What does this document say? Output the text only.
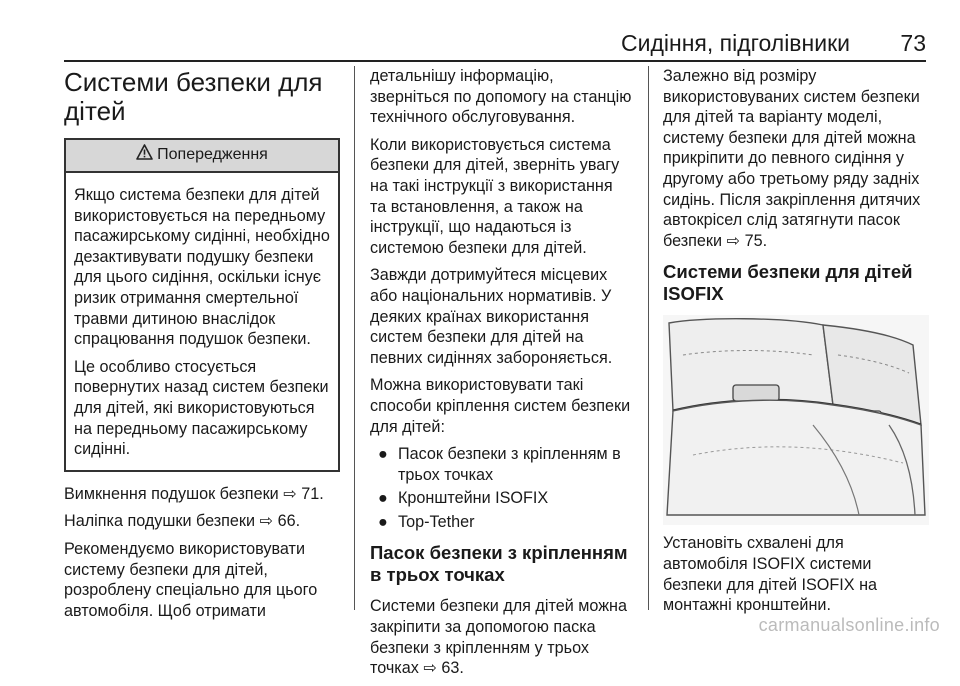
Сидіння, підголівники 73
Системи безпеки для дітей
Попередження

Якщо система безпеки для дітей використовується на передньому пасажирському сидінні, необхідно дезактивувати подушку безпеки для цього сидіння, оскільки існує ризик отримання смертельної травми дитиною внаслідок спрацювання подушок безпеки.

Це особливо стосується повернутих назад систем безпеки для дітей, які використовуються на передньому пасажирському сидінні.

Вимкнення подушок безпеки ⇨ 71.

Наліпка подушки безпеки ⇨ 66.

Рекомендуємо використовувати систему безпеки для дітей, розроблену спеціально для цього автомобіля. Щоб отримати

детальнішу інформацію, зверніться по допомогу на станцію технічного обслуговування.

Коли використовується система безпеки для дітей, зверніть увагу на такі інструкції з використання та встановлення, а також на інструкції, що надаються із системою безпеки для дітей.

Завжди дотримуйтеся місцевих або національних нормативів. У деяких країнах використання систем безпеки для дітей на певних сидіннях забороняється.

Можна використовувати такі способи кріплення систем безпеки для дітей:

● Пасок безпеки з кріпленням в трьох точках
● Кронштейни ISOFIX
● Top-Tether
Пасок безпеки з кріпленням в трьох точках

Системи безпеки для дітей можна закріпити за допомогою паска безпеки з кріпленням у трьох точках ⇨ 63.

Залежно від розміру використовуваних систем безпеки для дітей та варіанту моделі, систему безпеки для дітей можна прикріпити до певного сидіння у другому або третьому ряду задніх сидінь. Після закріплення дитячих автокрісел слід затягнути пасок безпеки ⇨ 75.

Системи безпеки для дітей ISOFIX

Установіть схвалені для автомобіля ISOFIX системи безпеки для дітей ISOFIX на монтажні кронштейни.

carmanualsonline.info
